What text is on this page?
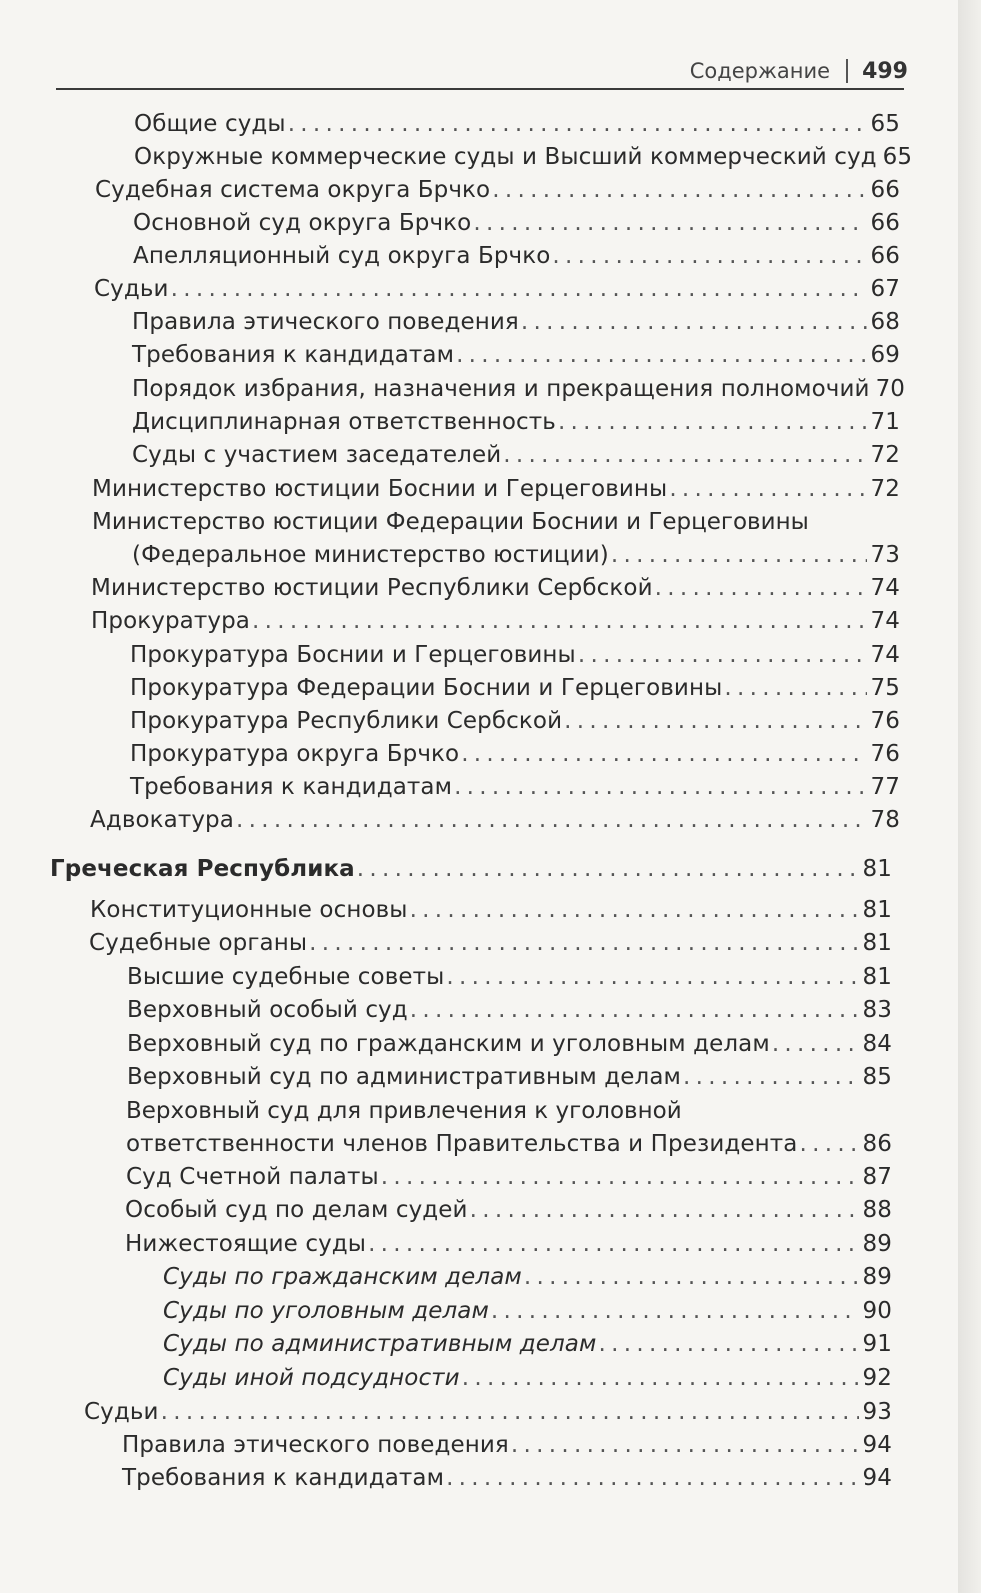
Содержание 499
Общие суды . . .	65
Окружные коммерческие суды и Высший коммерческий суд 65
Судебная система округа Брчко . . .	66
Основной суд округа Брчко . . .	66
Апелляционный суд округа Брчко . . .	66
Судьи . . .	67
Правила этического поведения . . .	68
Требования к кандидатам . . .	69
Порядок избрания, назначения и прекращения полномочий 70
Дисциплинарная ответственность . . .	71
Суды с участием заседателей . . .	72
Министерство юстиции Боснии и Герцеговины . . .	72
Министерство юстиции Федерации Боснии и Герцеговины
(Федеральное министерство юстиции) . . .	73
Министерство юстиции Республики Сербской . . .	74
Прокуратура . . .	74
Прокуратура Боснии и Герцеговины . . .	74
Прокуратура Федерации Боснии и Герцеговины . . .	75
Прокуратура Республики Сербской . . .	76
Прокуратура округа Брчко . . .	76
Требования к кандидатам . . .	77
Адвокатура . . .	78
Греческая Республика . . .	81
Конституционные основы . . .	81
Судебные органы . . .	81
Высшие судебные советы . . .	81
Верховный особый суд . . .	83
Верховный суд по гражданским и уголовным делам . . .	84
Верховный суд по административным делам . . .	85
Верховный суд для привлечения к уголовной
ответственности членов Правительства и Президента . . .	86
Суд Счетной палаты . . .	87
Особый суд по делам судей . . .	88
Нижестоящие суды . . .	89
Суды по гражданским делам . . .	89
Суды по уголовным делам . . .	90
Суды по административным делам . . .	91
Суды иной подсудности . . .	92
Судьи . . .	93
Правила этического поведения . . .	94
Требования к кандидатам . . .	94
